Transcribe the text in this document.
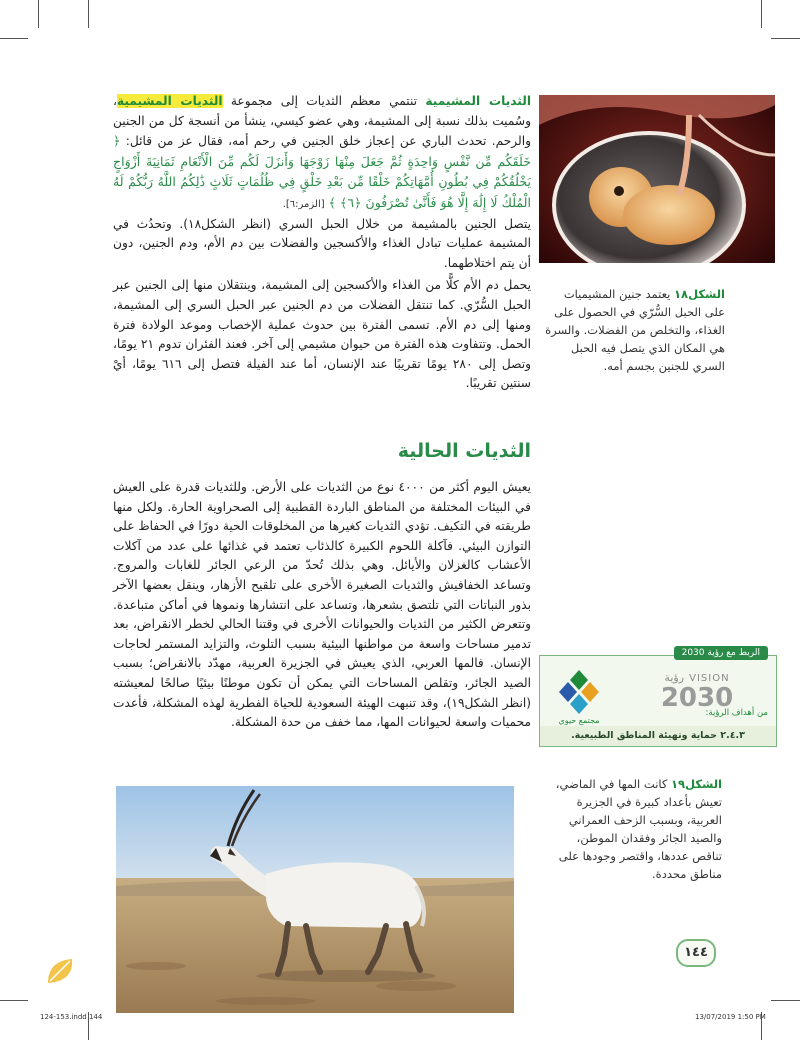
الثديات المشيمية تنتمي معظم الثديات إلى مجموعة الثديات المشيمية، وسُميت بذلك نسبة إلى المشيمة، وهي عضو كيسي، ينشأ من أنسجة كل من الجنين والرحم. تحدث الباري عن إعجاز خلق الجنين في رحم أمه، فقال عز من قائل: ﴿ خَلَقَكُم مِّن نَّفْسٍ وَاحِدَةٍ ثُمَّ جَعَلَ مِنْهَا زَوْجَهَا وَأَنزَلَ لَكُم مِّنَ الْأَنْعَامِ ثَمَانِيَةَ أَزْوَاجٍ يَخْلُقُكُمْ فِي بُطُونِ أُمَّهَاتِكُمْ خَلْقًا مِّن بَعْدِ خَلْقٍ فِي ظُلُمَاتٍ ثَلَاثٍ ذَٰلِكُمُ اللَّهُ رَبُّكُمْ لَهُ الْمُلْكُ لَا إِلَٰهَ إِلَّا هُوَ فَأَنَّىٰ تُصْرَفُونَ ﴿٦﴾ ﴾ [الزمر:٦].

يتصل الجنين بالمشيمة من خلال الحبل السري (انظر الشكل١٨). وتحدُث في المشيمة عمليات تبادل الغذاء والأكسجين والفضلات بين دم الأم، ودم الجنين، دون أن يتم اختلاطهما.

يحمل دم الأم كلًّا من الغذاء والأكسجين إلى المشيمة، وينتقلان منها إلى الجنين عبر الحبل السُّرّي. كما تنتقل الفضلات من دم الجنين عبر الحبل السري إلى المشيمة، ومنها إلى دم الأم. تسمى الفترة بين حدوث عملية الإخصاب وموعد الولادة فترة الحمل. وتتفاوت هذه الفترة من حيوان مشيمي إلى آخر. فعند الفئران تدوم ٢١ يومًا، وتصل إلى ٢٨٠ يومًا تقريبًا عند الإنسان، أما عند الفيلة فتصل إلى ٦١٦ يومًا، أيْ سنتين تقريبًا.

الثديات الحالية
يعيش اليوم أكثر من ٤٠٠٠ نوع من الثديات على الأرض. وللثديات قدرة على العيش في البيئات المختلفة من المناطق الباردة القطبية إلى الصحراوية الحارة. ولكل منها طريقته في التكيف. تؤدي الثديات كغيرها من المخلوقات الحية دورًا في الحفاظ على التوازن البيئي. فآكلة اللحوم الكبيرة كالذئاب تعتمد في غذائها على عدد من آكلات الأعشاب كالغزلان والأيائل. وهي بذلك تُحدّ من الرعي الجائر للغابات والمروج. وتساعد الخفافيش والثديات الصغيرة الأخرى على تلقيح الأزهار، وينقل بعضها الآخر بذور النباتات التي تلتصق بشعرها، وتساعد على انتشارها ونموها في أماكن متباعدة. وتتعرض الكثير من الثديات والحيوانات الأخرى في وقتنا الحالي لخطر الانقراض، بعد تدمير مساحات واسعة من مواطنها البيئية بسبب التلوث، والتزايد المستمر لحاجات الإنسان. فالمها العربي، الذي يعيش في الجزيرة العربية، مهدّد بالانقراض؛ بسبب الصيد الجائر، وتقلص المساحات التي يمكن أن تكون موطنًا بيئيًا صالحًا لمعيشته (انظر الشكل١٩)، وقد تنبهت الهيئة السعودية للحياة الفطرية لهذه المشكلة، فأعدت محميات واسعة لحيوانات المها، مما خفف من حدة المشكلة.
الشكل١٨ يعتمد جنين المشيميات على الحبل السُّرّي في الحصول على الغذاء، والتخلص من الفضلات. والسرة هي المكان الذي يتصل فيه الحبل السري للجنين بجسم أمه.
الربط مع رؤية 2030
مجتمع حيوي
رؤية VISION
2030
من أهداف الرؤية:
٢.٤.٣ حماية وتهيئة المناطق الطبيعية.
الشكل١٩ كانت المها في الماضي، تعيش بأعداد كبيرة في الجزيرة العربية، وبسبب الزحف العمراني والصيد الجائر وفقدان الموطن، تناقص عددها، واقتصر وجودها على مناطق محددة.
١٤٤
124-153.indd 144	13/07/2019 1:50 PM
